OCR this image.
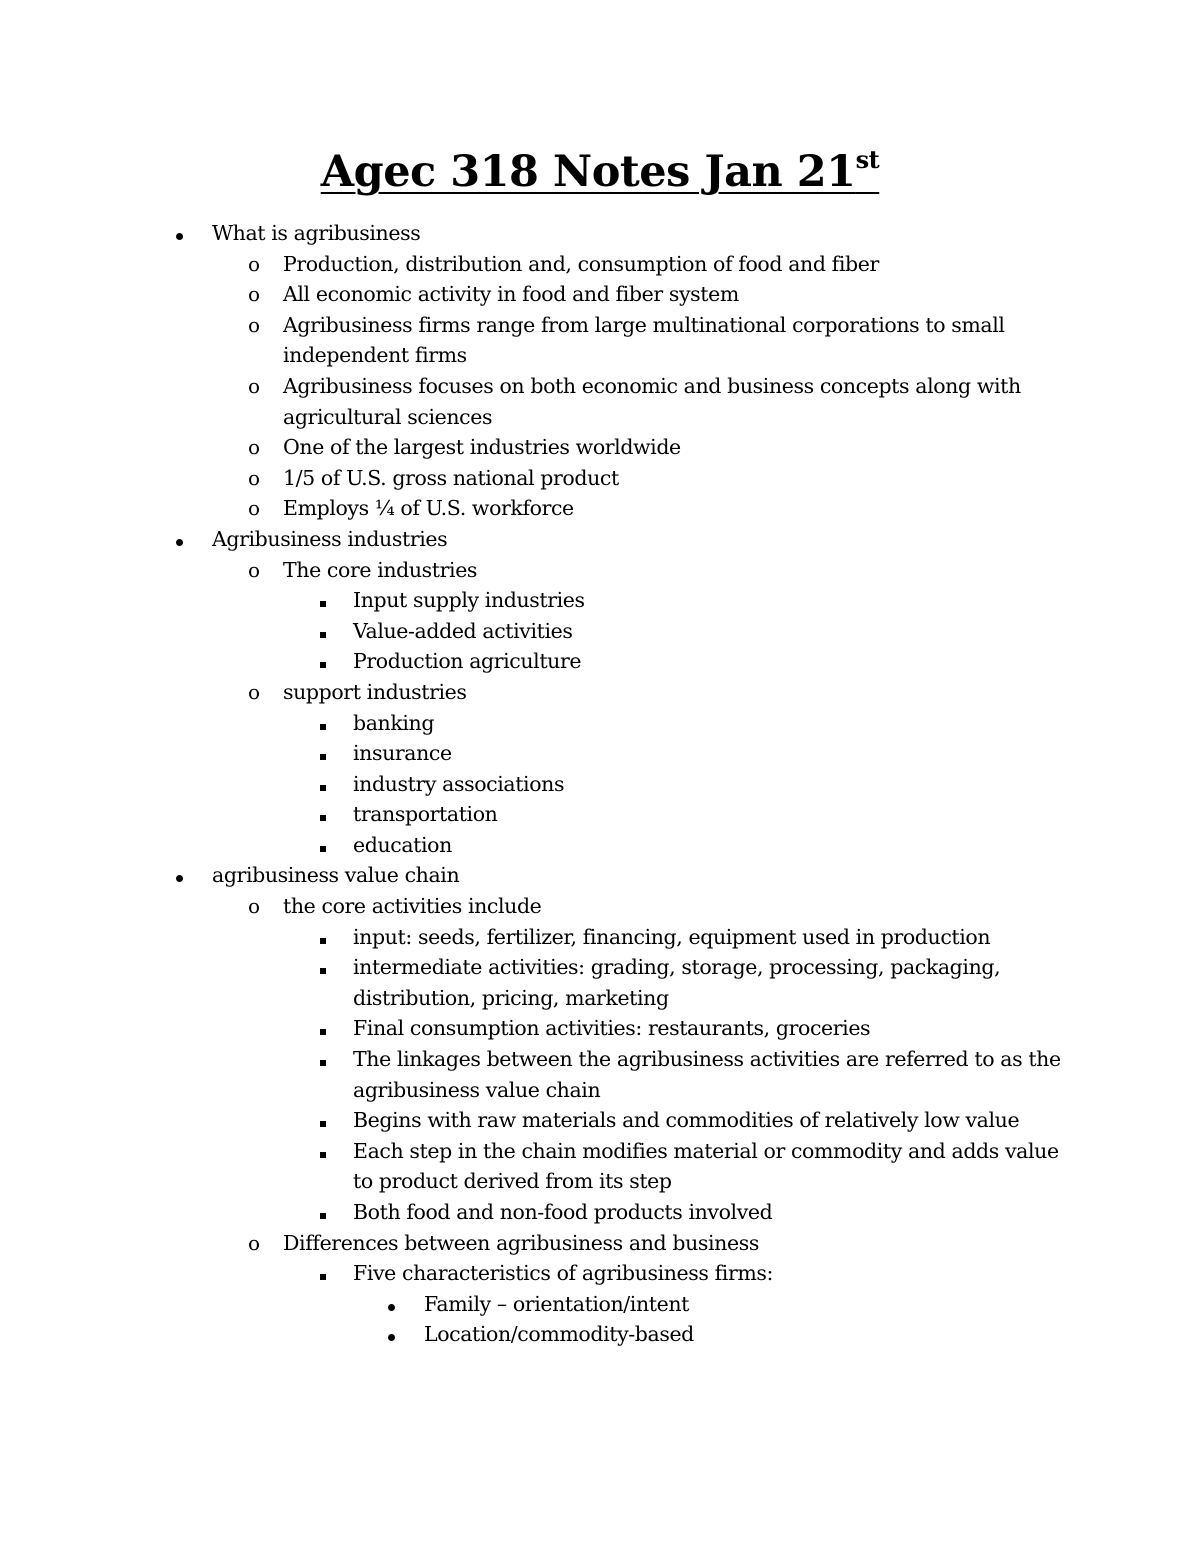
Agec 318 Notes Jan 21st
What is agribusiness
o Production, distribution and, consumption of food and fiber
o All economic activity in food and fiber system
o Agribusiness firms range from large multinational corporations to small independent firms
o Agribusiness focuses on both economic and business concepts along with agricultural sciences
o One of the largest industries worldwide
o 1/5 of U.S. gross national product
o Employs ¼ of U.S. workforce
Agribusiness industries
o The core industries
Input supply industries
Value-added activities
Production agriculture
o support industries
banking
insurance
industry associations
transportation
education
agribusiness value chain
o the core activities include
input: seeds, fertilizer, financing, equipment used in production
intermediate activities: grading, storage, processing, packaging, distribution, pricing, marketing
Final consumption activities: restaurants, groceries
The linkages between the agribusiness activities are referred to as the agribusiness value chain
Begins with raw materials and commodities of relatively low value
Each step in the chain modifies material or commodity and adds value to product derived from its step
Both food and non-food products involved
o Differences between agribusiness and business
Five characteristics of agribusiness firms:
Family – orientation/intent
Location/commodity-based
